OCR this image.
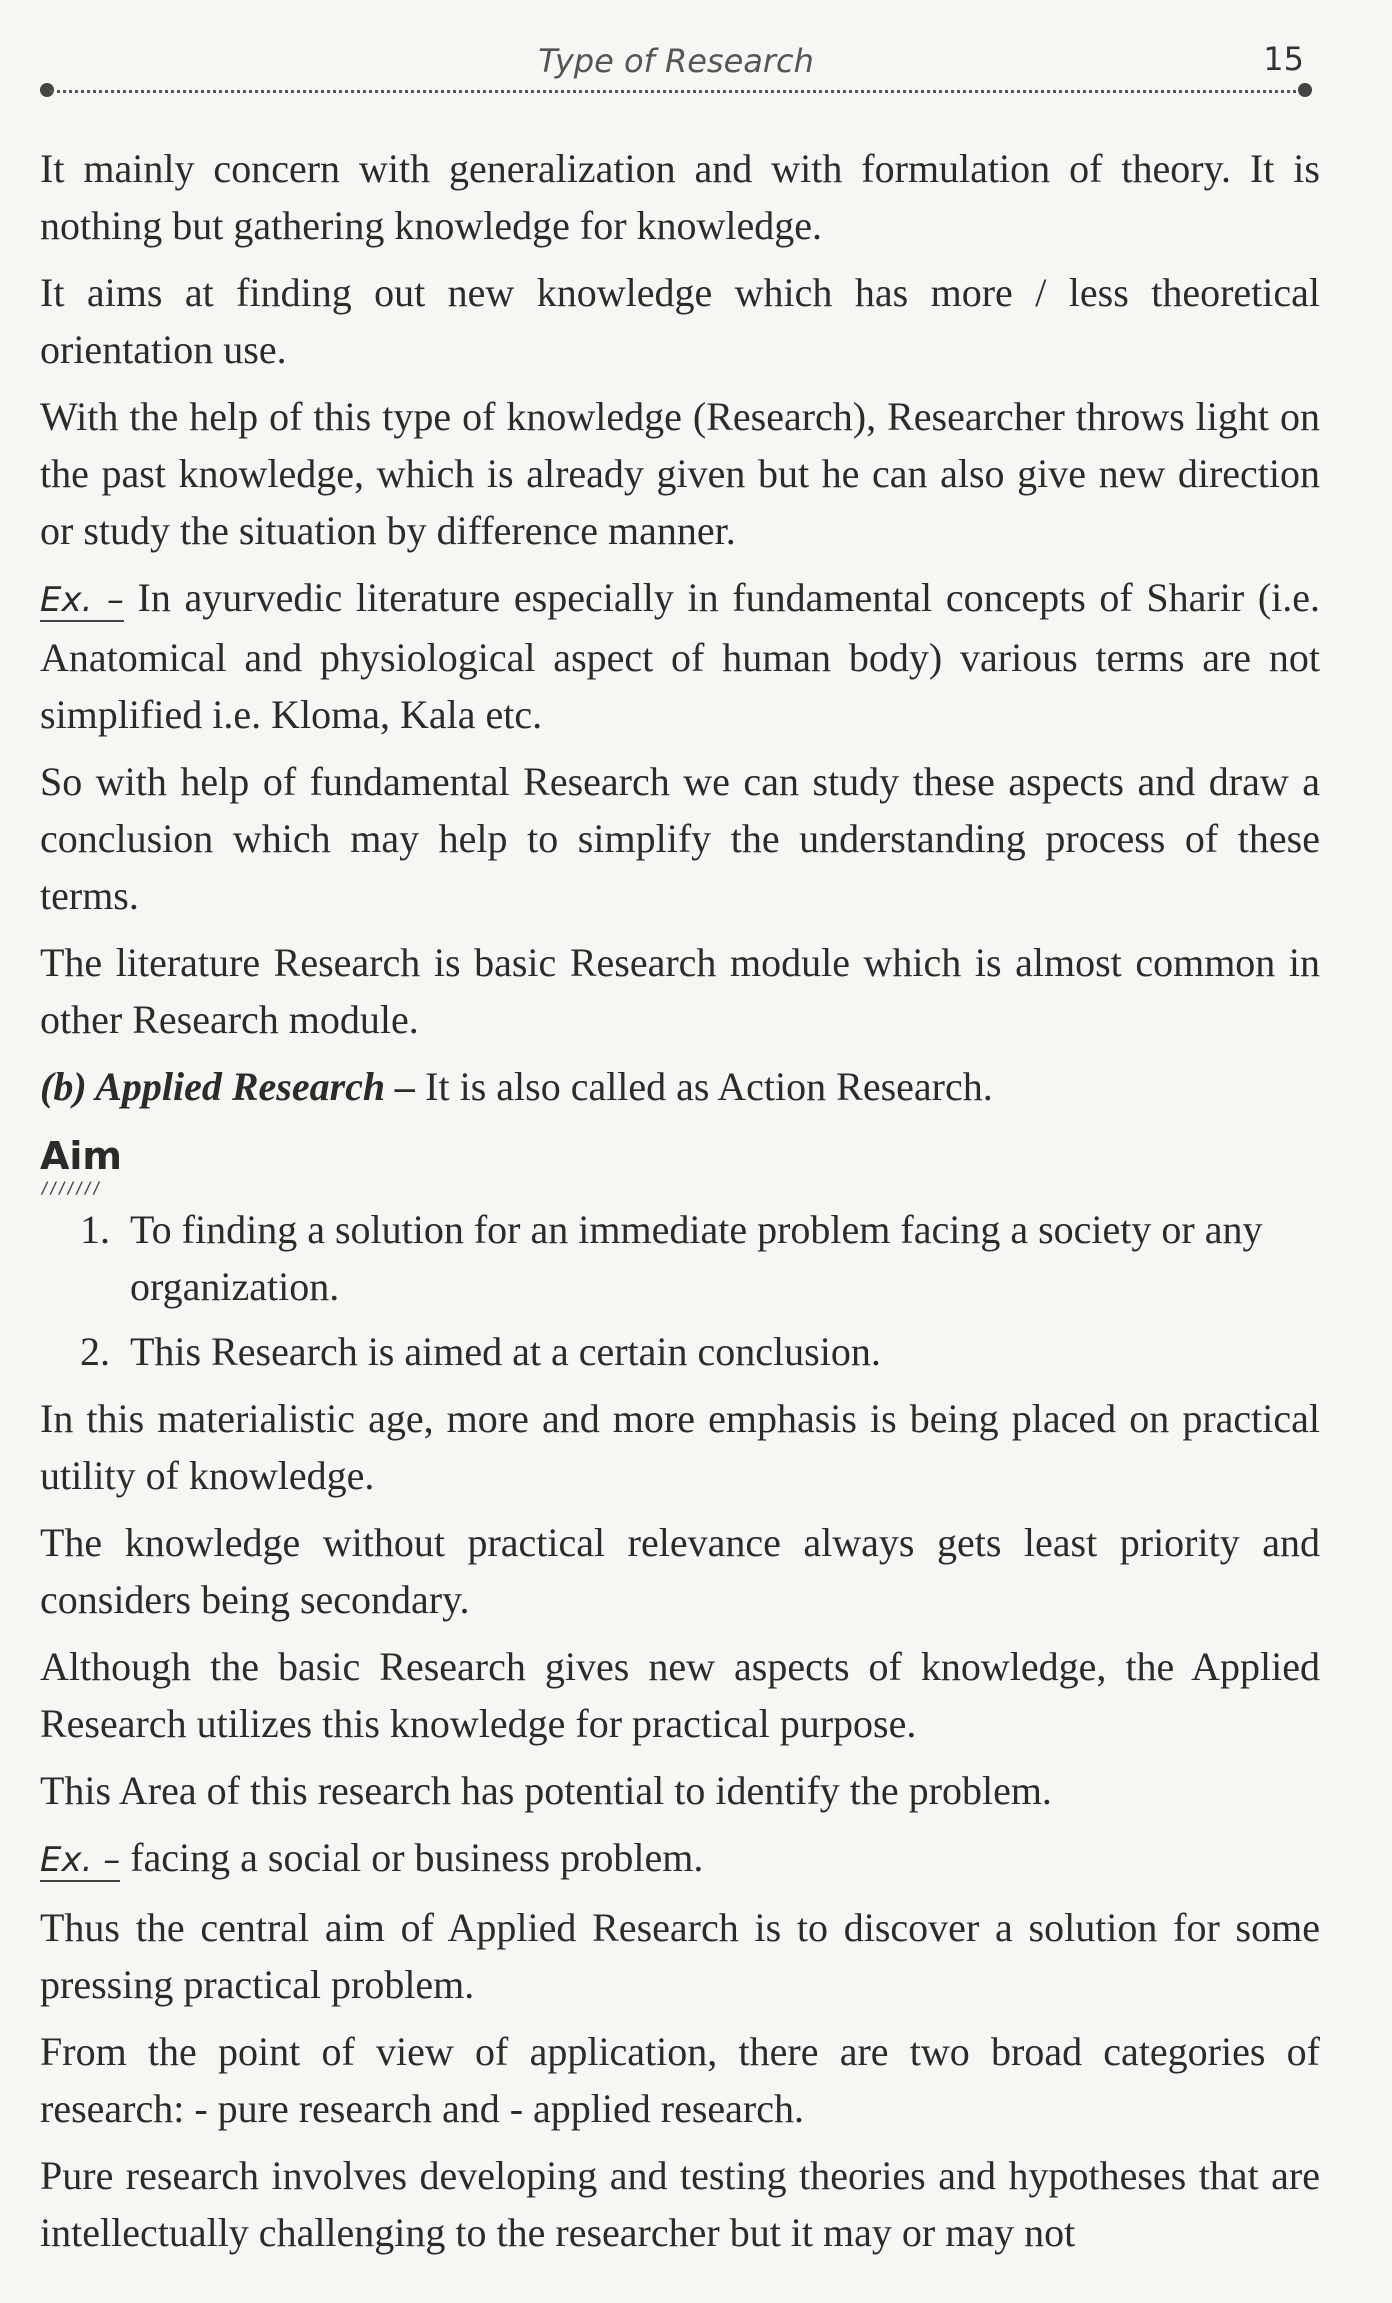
Type of Research	15

It mainly concern with generalization and with formulation of theory. It is nothing but gathering knowledge for knowledge.

It aims at finding out new knowledge which has more / less theoretical orientation use.

With the help of this type of knowledge (Research), Researcher throws light on the past knowledge, which is already given but he can also give new direction or study the situation by difference manner.

Ex. – In ayurvedic literature especially in fundamental concepts of Sharir (i.e. Anatomical and physiological aspect of human body) various terms are not simplified i.e. Kloma, Kala etc.

So with help of fundamental Research we can study these aspects and draw a conclusion which may help to simplify the understanding process of these terms.

The literature Research is basic Research module which is almost common in other Research module.

(b) Applied Research – It is also called as Action Research.

Aim
///////
1. To finding a solution for an immediate problem facing a society or any organization.
2. This Research is aimed at a certain conclusion.

In this materialistic age, more and more emphasis is being placed on practical utility of knowledge.

The knowledge without practical relevance always gets least priority and considers being secondary.

Although the basic Research gives new aspects of knowledge, the Applied Research utilizes this knowledge for practical purpose.

This Area of this research has potential to identify the problem.

Ex. – facing a social or business problem.

Thus the central aim of Applied Research is to discover a solution for some pressing practical problem.

From the point of view of application, there are two broad categories of research: - pure research and - applied research.

Pure research involves developing and testing theories and hypotheses that are intellectually challenging to the researcher but it may or may not
